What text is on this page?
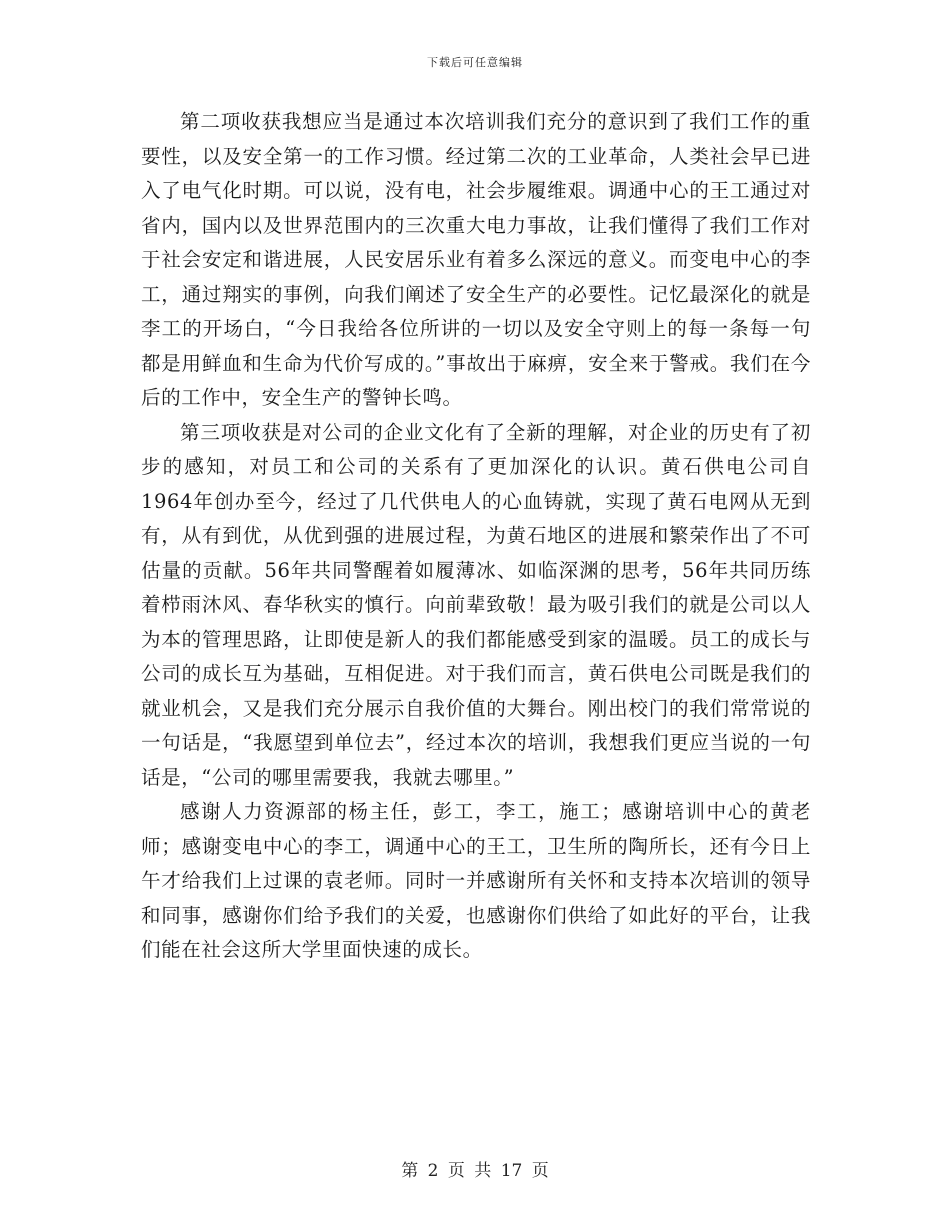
下载后可任意编辑

第二项收获我想应当是通过本次培训我们充分的意识到了我们工作的重要性，以及安全第一的工作习惯。经过第二次的工业革命，人类社会早已进入了电气化时期。可以说，没有电，社会步履维艰。调通中心的王工通过对省内，国内以及世界范围内的三次重大电力事故，让我们懂得了我们工作对于社会安定和谐进展，人民安居乐业有着多么深远的意义。而变电中心的李工，通过翔实的事例，向我们阐述了安全生产的必要性。记忆最深化的就是李工的开场白，“今日我给各位所讲的一切以及安全守则上的每一条每一句都是用鲜血和生命为代价写成的。”事故出于麻痹，安全来于警戒。我们在今后的工作中，安全生产的警钟长鸣。

第三项收获是对公司的企业文化有了全新的理解，对企业的历史有了初步的感知，对员工和公司的关系有了更加深化的认识。黄石供电公司自1964年创办至今，经过了几代供电人的心血铸就，实现了黄石电网从无到有，从有到优，从优到强的进展过程，为黄石地区的进展和繁荣作出了不可估量的贡献。56年共同警醒着如履薄冰、如临深渊的思考，56年共同历练着栉雨沐风、春华秋实的慎行。向前辈致敬！最为吸引我们的就是公司以人为本的管理思路，让即使是新人的我们都能感受到家的温暖。员工的成长与公司的成长互为基础，互相促进。对于我们而言，黄石供电公司既是我们的就业机会，又是我们充分展示自我价值的大舞台。刚出校门的我们常常说的一句话是，“我愿望到单位去”，经过本次的培训，我想我们更应当说的一句话是，“公司的哪里需要我，我就去哪里。”

感谢人力资源部的杨主任，彭工，李工，施工；感谢培训中心的黄老师；感谢变电中心的李工，调通中心的王工，卫生所的陶所长，还有今日上午才给我们上过课的袁老师。同时一并感谢所有关怀和支持本次培训的领导和同事，感谢你们给予我们的关爱，也感谢你们供给了如此好的平台，让我们能在社会这所大学里面快速的成长。

第 2 页 共 17 页
